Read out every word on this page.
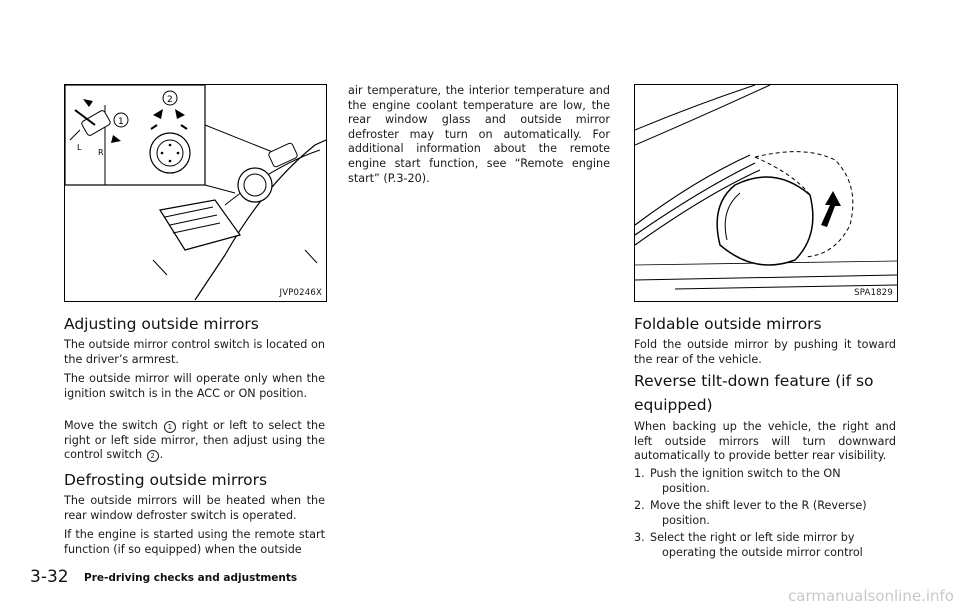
L
R
1
2
JVP0246X
Adjusting outside mirrors

The outside mirror control switch is located on the driver’s armrest.

The outside mirror will operate only when the ignition switch is in the ACC or ON position.

Move the switch 1 right or left to select the right or left side mirror, then adjust using the control switch 2 .

Defrosting outside mirrors

The outside mirrors will be heated when the rear window defroster switch is operated.

If the engine is started using the remote start function (if so equipped) when the outside

air temperature, the interior temperature and the engine coolant temperature are low, the rear window glass and outside mirror defroster may turn on automatically. For additional information about the remote engine start function, see “Remote engine start” (P.3-20).

SPA1829
Foldable outside mirrors

Fold the outside mirror by pushing it toward the rear of the vehicle.

Reverse tilt-down feature (if so
equipped)

When backing up the vehicle, the right and left outside mirrors will turn downward automatically to provide better rear visibility.

1. Push the ignition switch to the ON
position.
2. Move the shift lever to the R (Reverse)
position.
3. Select the right or left side mirror by
operating the outside mirror control
3-32 Pre-driving checks and adjustments
carmanualsonline.info
